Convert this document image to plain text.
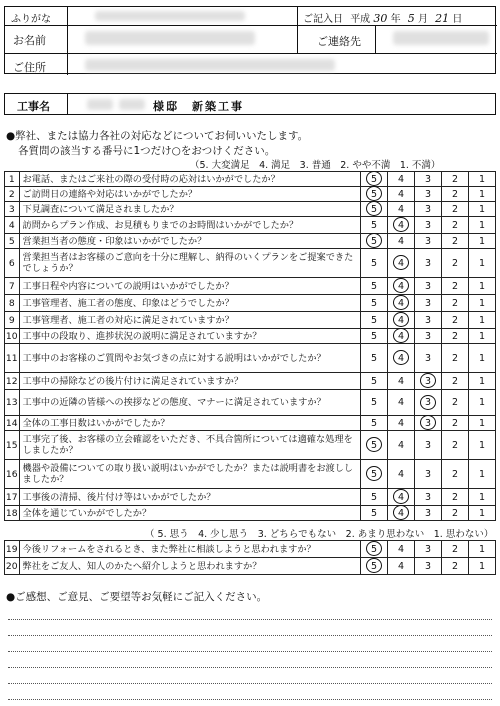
ふりがな
お名前
ご住所
ご記入日 平成 30 年 5 月 21 日
ご連絡先
工事名	様邸　新築工事
●弊社、または協力各社の対応などについてお伺いいたします。
各質問の該当する番号に1つだけ○をおつけください。
（5. 大変満足　4. 満足　3. 普通　2. やや不満　1. 不満）
1	お電話、またはご来社の際の受付時の応対はいかがでしたか？	5	4	3	2	1
2	ご訪問日の連絡や対応はいかがでしたか？	5	4	3	2	1
3	下見調査について満足されましたか？	5	4	3	2	1
4	訪問からプラン作成、お見積もりまでのお時間はいかがでしたか？	5	4	3	2	1
5	営業担当者の態度・印象はいかがでしたか？	5	4	3	2	1
6	営業担当者はお客様のご意向を十分に理解し、納得のいくプランをご提案できたでしょうか？	5	4	3	2	1
7	工事日程や内容についての説明はいかがでしたか？	5	4	3	2	1
8	工事管理者、施工者の態度、印象はどうでしたか？	5	4	3	2	1
9	工事管理者、施工者の対応に満足されていますか？	5	4	3	2	1
10	工事中の段取り、進捗状況の説明に満足されていますか？	5	4	3	2	1
11	工事中のお客様のご質問やお気づきの点に対する説明はいかがでしたか？	5	4	3	2	1
12	工事中の掃除などの後片付けに満足されていますか？	5	4	3	2	1
13	工事中の近隣の皆様への挨拶などの態度、マナーに満足されていますか？	5	4	3	2	1
14	全体の工事日数はいかがでしたか？	5	4	3	2	1
15	工事完了後、お客様の立会確認をいただき、不具合箇所については適確な処理をしましたか？	5	4	3	2	1
16	機器や設備についての取り扱い説明はいかがでしたか？または説明書をお渡ししましたか？	5	4	3	2	1
17	工事後の清掃、後片付け等はいかがでしたか？	5	4	3	2	1
18	全体を通じていかがでしたか？	5	4	3	2	1
（ 5. 思う　4. 少し思う　3. どちらでもない　2. あまり思わない　1. 思わない）
19	今後リフォームをされるとき、また弊社に相談しようと思われますか？	5	4	3	2	1
20	弊社をご友人、知人のかたへ紹介しようと思われますか？	5	4	3	2	1
●ご感想、ご意見、ご要望等お気軽にご記入ください。
